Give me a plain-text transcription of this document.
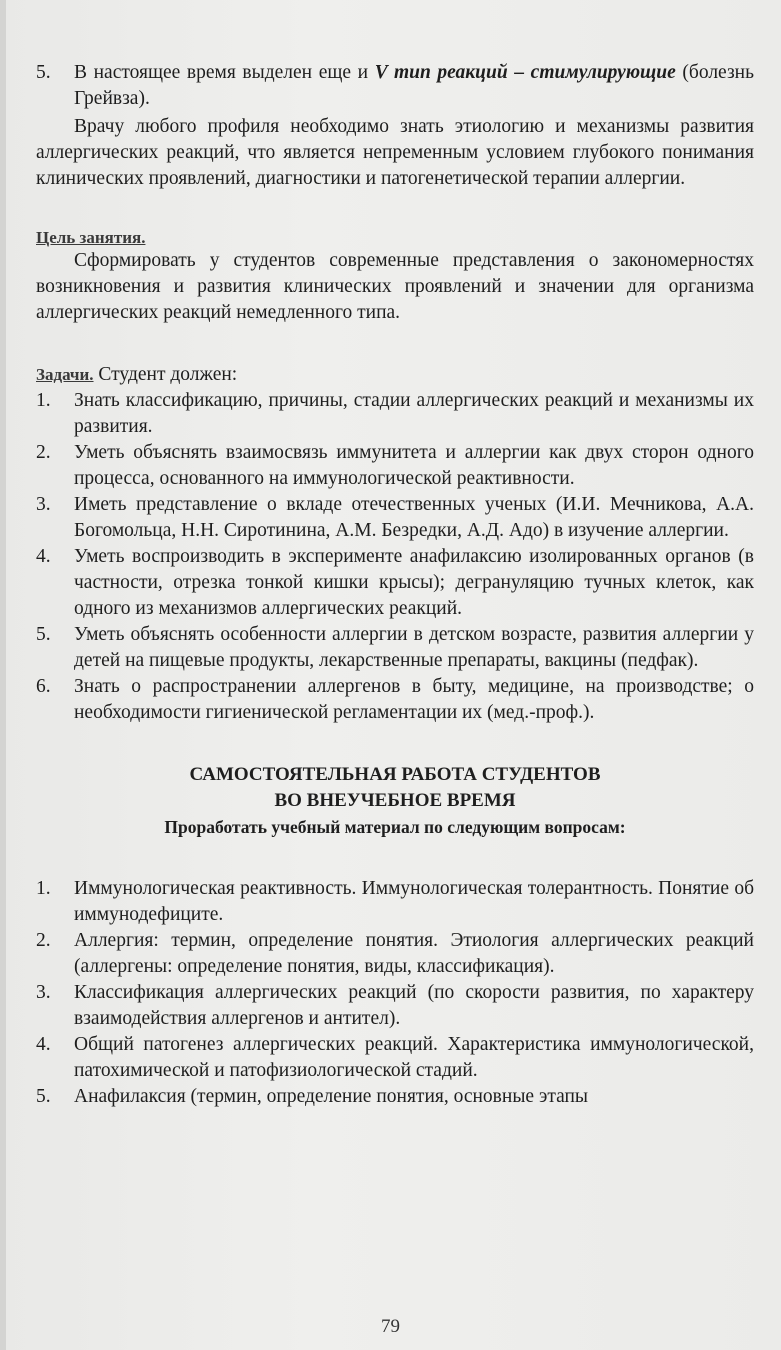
5. В настоящее время выделен еще и V тип реакций – стимулирующие (болезнь Грейвза).

Врачу любого профиля необходимо знать этиологию и механизмы развития аллергических реакций, что является непременным условием глубокого понимания клинических проявлений, диагностики и патогенетической терапии аллергии.

Цель занятия.

Сформировать у студентов современные представления о закономерностях возникновения и развития клинических проявлений и значении для организма аллергических реакций немедленного типа.

Задачи. Студент должен:

1. Знать классификацию, причины, стадии аллергических реакций и механизмы их развития.

2. Уметь объяснять взаимосвязь иммунитета и аллергии как двух сторон одного процесса, основанного на иммунологической реактивности.

3. Иметь представление о вкладе отечественных ученых (И.И. Мечникова, А.А. Богомольца, Н.Н. Сиротинина, А.М. Безредки, А.Д. Адо) в изучение аллергии.

4. Уметь воспроизводить в эксперименте анафилаксию изолированных органов (в частности, отрезка тонкой кишки крысы); дегрануляцию тучных клеток, как одного из механизмов аллергических реакций.

5. Уметь объяснять особенности аллергии в детском возрасте, развития аллергии у детей на пищевые продукты, лекарственные препараты, вакцины (педфак).

6. Знать о распространении аллергенов в быту, медицине, на производстве; о необходимости гигиенической регламентации их (мед.-проф.).

САМОСТОЯТЕЛЬНАЯ РАБОТА СТУДЕНТОВ
ВО ВНЕУЧЕБНОЕ ВРЕМЯ
Проработать учебный материал по следующим вопросам:

1. Иммунологическая реактивность. Иммунологическая толерантность. Понятие об иммунодефиците.

2. Аллергия: термин, определение понятия. Этиология аллергических реакций (аллергены: определение понятия, виды, классификация).

3. Классификация аллергических реакций (по скорости развития, по характеру взаимодействия аллергенов и антител).

4. Общий патогенез аллергических реакций. Характеристика иммунологической, патохимической и патофизиологической стадий.

5. Анафилаксия (термин, определение понятия, основные этапы

79
